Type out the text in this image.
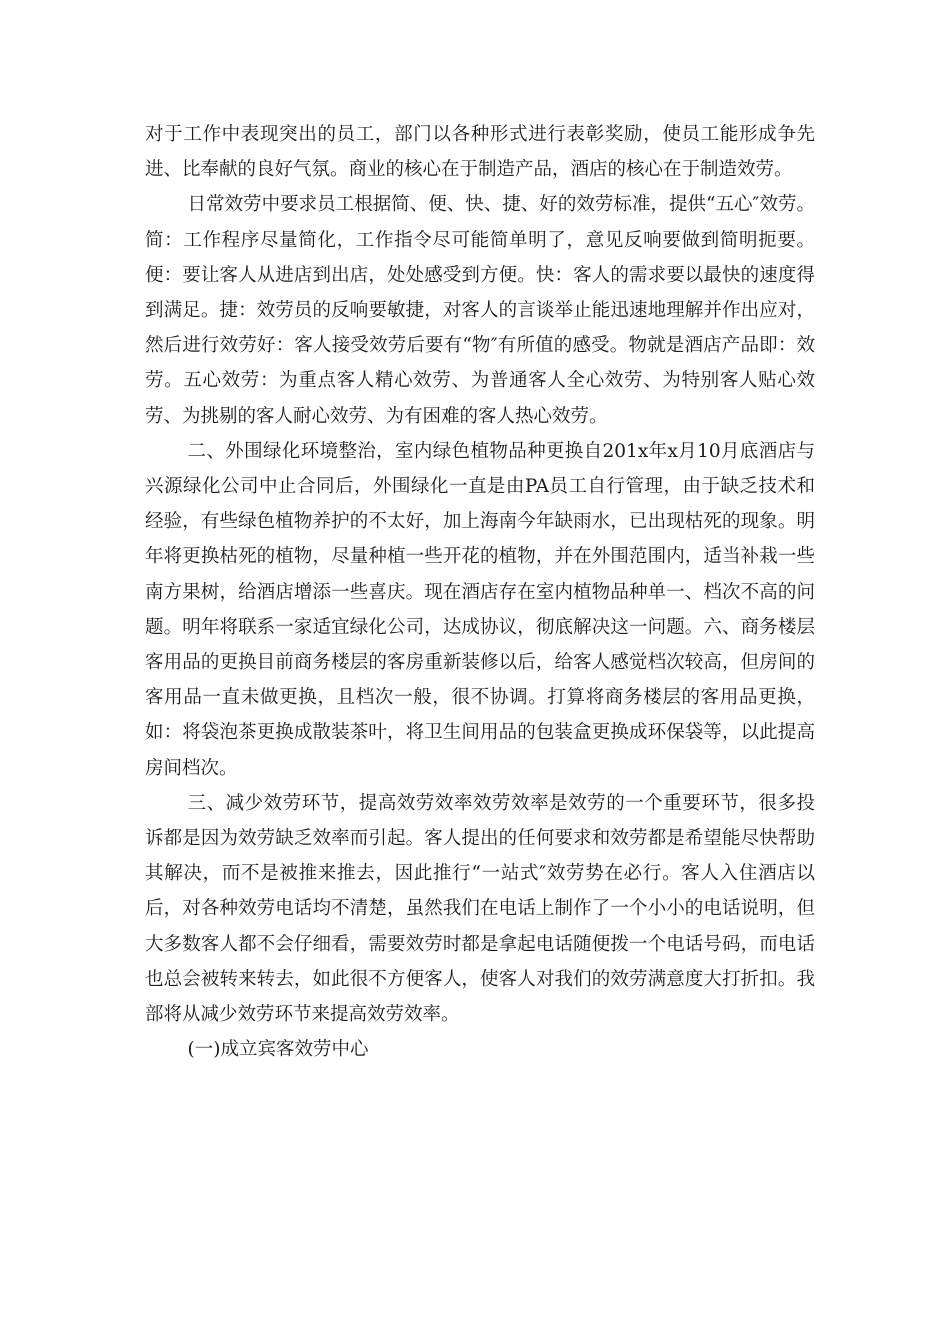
对于工作中表现突出的员工，部门以各种形式进行表彰奖励，使员工能形成争先进、比奉献的良好气氛。商业的核心在于制造产品，酒店的核心在于制造效劳。

日常效劳中要求员工根据简、便、快、捷、好的效劳标准，提供“五心″效劳。简：工作程序尽量简化，工作指令尽可能简单明了，意见反响要做到简明扼要。便：要让客人从进店到出店，处处感受到方便。快：客人的需求要以最快的速度得到满足。捷：效劳员的反响要敏捷，对客人的言谈举止能迅速地理解并作出应对，然后进行效劳好：客人接受效劳后要有“物″有所值的感受。物就是酒店产品即：效劳。五心效劳：为重点客人精心效劳、为普通客人全心效劳、为特别客人贴心效劳、为挑剔的客人耐心效劳、为有困难的客人热心效劳。

二、外围绿化环境整治，室内绿色植物品种更换自201x年x月10月底酒店与兴源绿化公司中止合同后，外围绿化一直是由PA员工自行管理，由于缺乏技术和经验，有些绿色植物养护的不太好，加上海南今年缺雨水，已出现枯死的现象。明年将更换枯死的植物，尽量种植一些开花的植物，并在外围范围内，适当补栽一些南方果树，给酒店增添一些喜庆。现在酒店存在室内植物品种单一、档次不高的问题。明年将联系一家适宜绿化公司，达成协议，彻底解决这一问题。六、商务楼层客用品的更换目前商务楼层的客房重新装修以后，给客人感觉档次较高，但房间的客用品一直未做更换，且档次一般，很不协调。打算将商务楼层的客用品更换，如：将袋泡茶更换成散装茶叶，将卫生间用品的包装盒更换成环保袋等，以此提高房间档次。

三、减少效劳环节，提高效劳效率效劳效率是效劳的一个重要环节，很多投诉都是因为效劳缺乏效率而引起。客人提出的任何要求和效劳都是希望能尽快帮助其解决，而不是被推来推去，因此推行“一站式″效劳势在必行。客人入住酒店以后，对各种效劳电话均不清楚，虽然我们在电话上制作了一个小小的电话说明，但大多数客人都不会仔细看，需要效劳时都是拿起电话随便拨一个电话号码，而电话也总会被转来转去，如此很不方便客人，使客人对我们的效劳满意度大打折扣。我部将从减少效劳环节来提高效劳效率。

(一)成立宾客效劳中心
